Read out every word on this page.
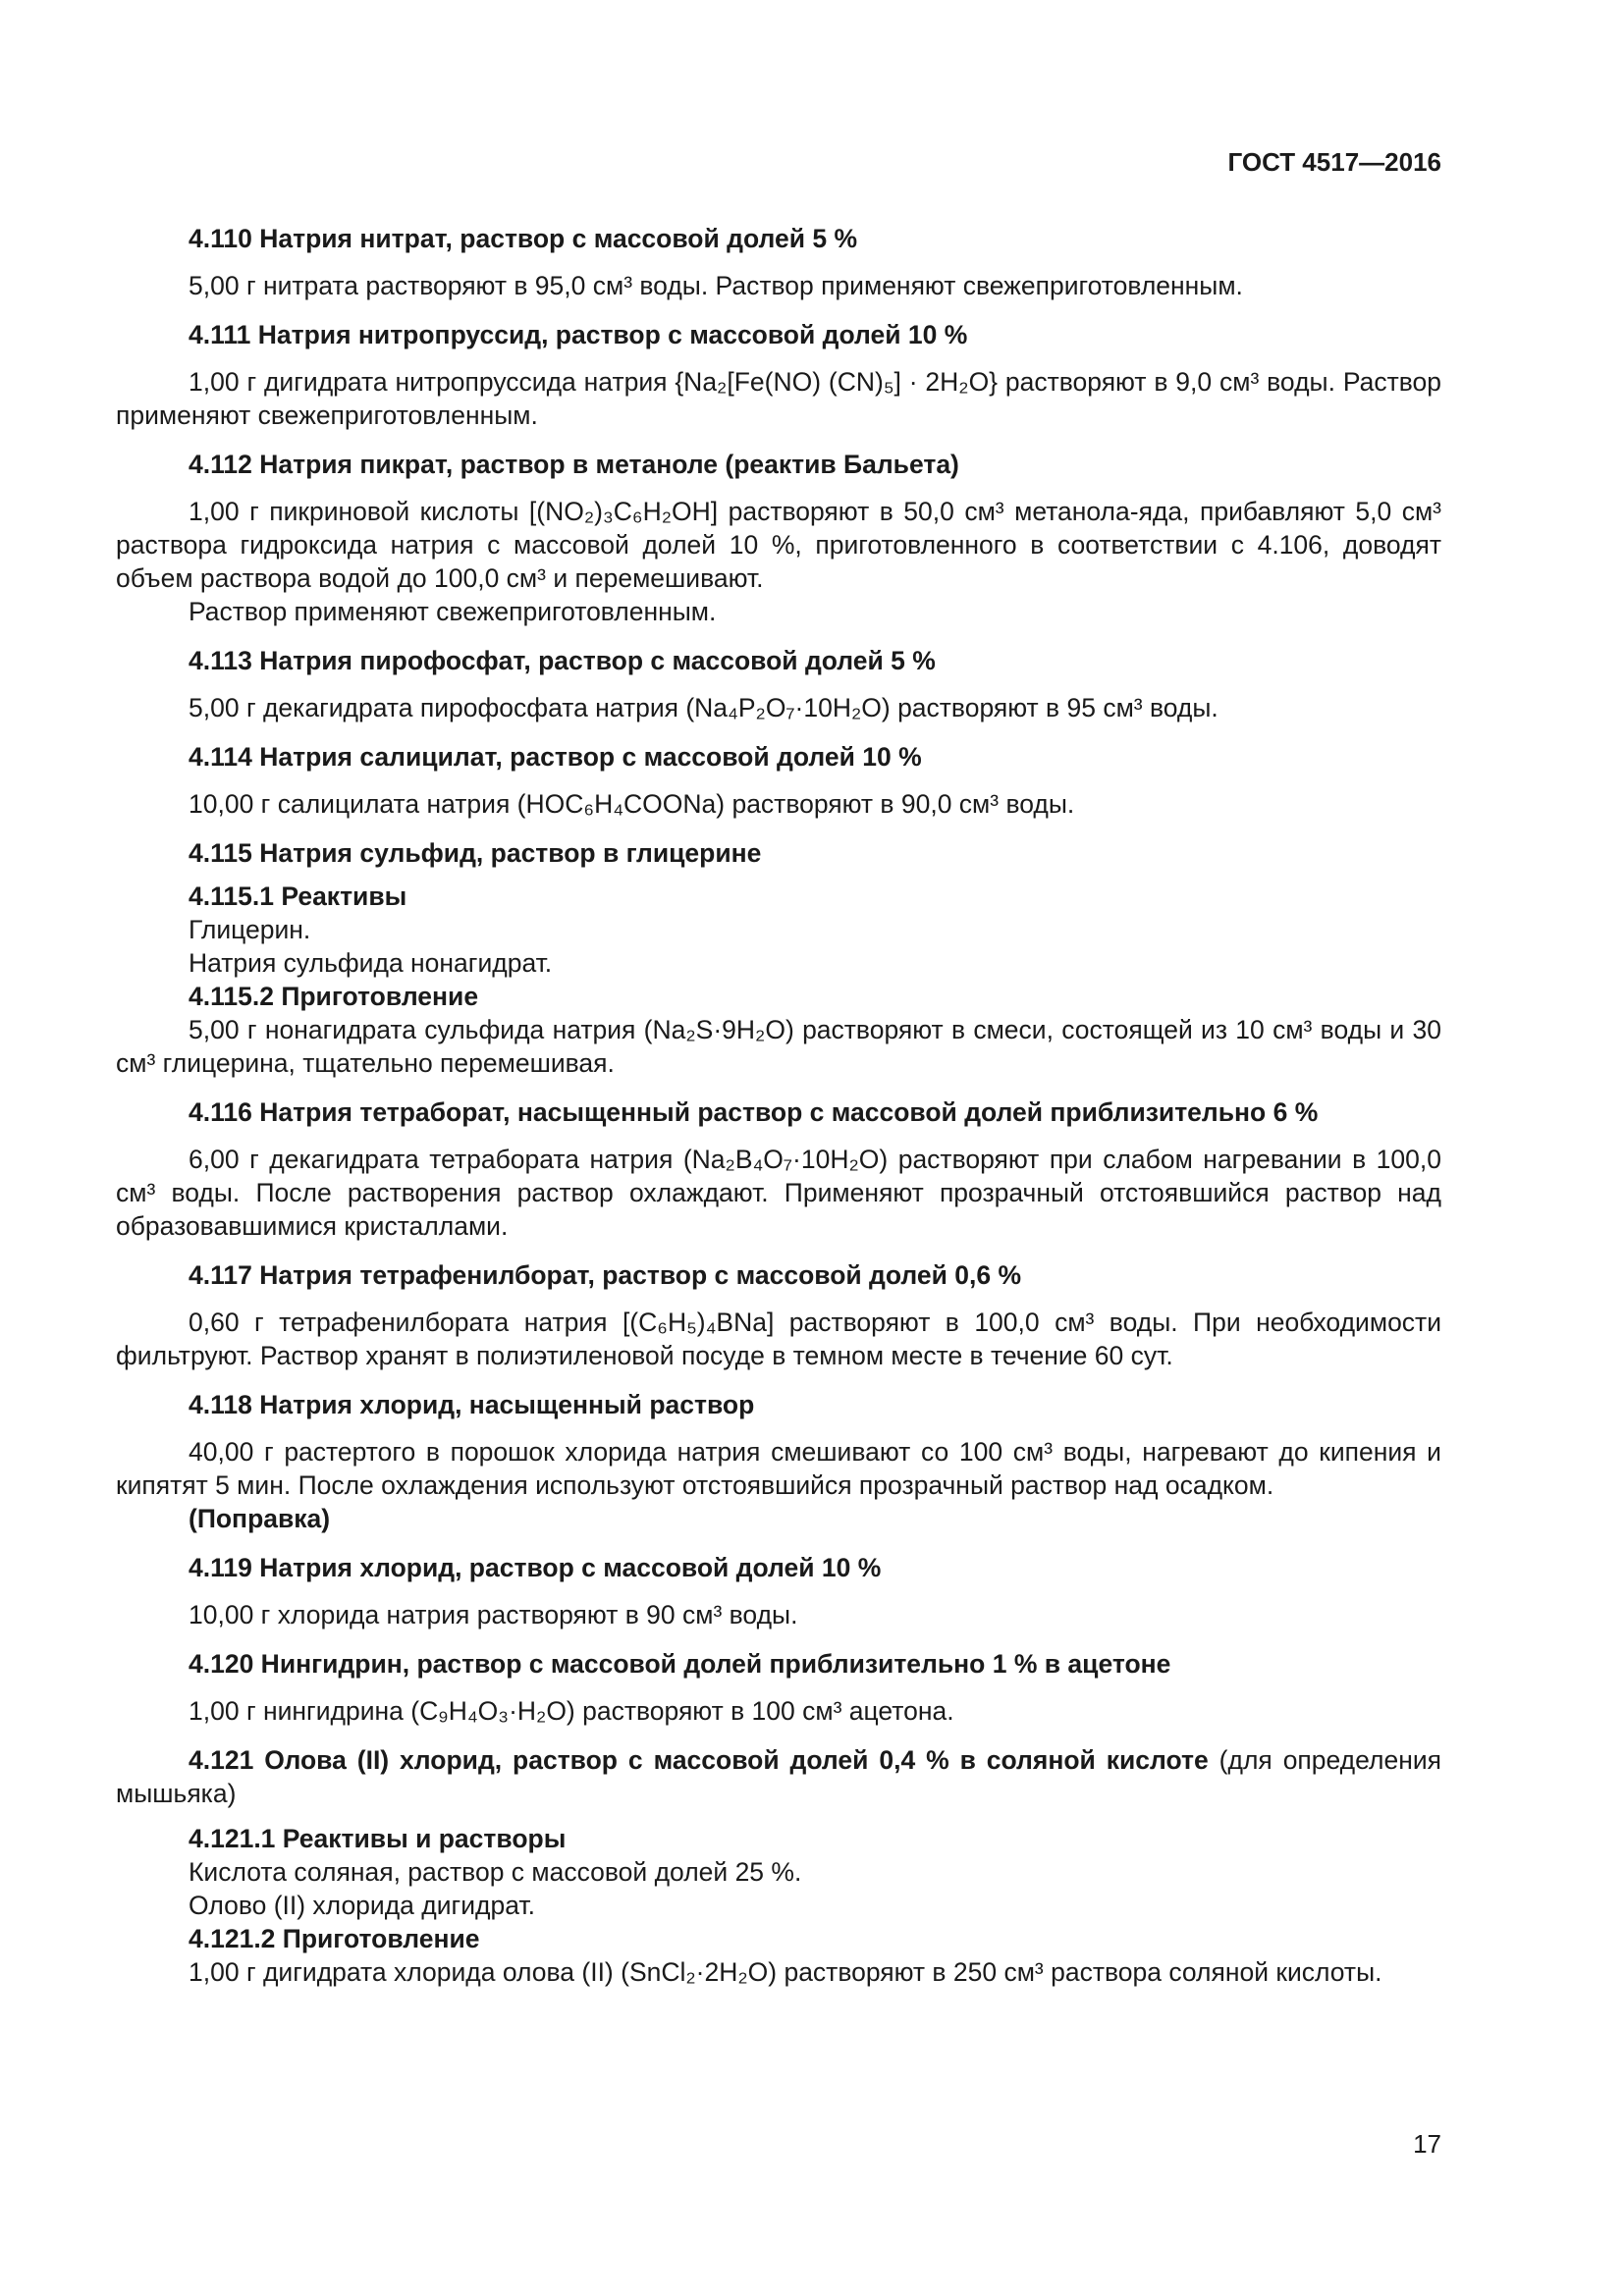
ГОСТ 4517—2016
4.110 Натрия нитрат, раствор с массовой долей 5 %
5,00 г нитрата растворяют в 95,0 см³ воды. Раствор применяют свежеприготовленным.
4.111 Натрия нитропруссид, раствор с массовой долей 10 %
1,00 г дигидрата нитропруссида натрия {Na₂[Fe(NO) (CN)₅] · 2H₂O} растворяют в 9,0 см³ воды. Раствор применяют свежеприготовленным.
4.112 Натрия пикрат, раствор в метаноле (реактив Бальета)
1,00 г пикриновой кислоты [(NO₂)₃C₆H₂OH] растворяют в 50,0 см³ метанола-яда, прибавляют 5,0 см³ раствора гидроксида натрия с массовой долей 10 %, приготовленного в соответствии с 4.106, доводят объем раствора водой до 100,0 см³ и перемешивают.
Раствор применяют свежеприготовленным.
4.113 Натрия пирофосфат, раствор с массовой долей 5 %
5,00 г декагидрата пирофосфата натрия (Na₄P₂O₇·10H₂O) растворяют в 95 см³ воды.
4.114 Натрия салицилат, раствор с массовой долей 10 %
10,00 г салицилата натрия (HOC₆H₄COONa) растворяют в 90,0 см³ воды.
4.115 Натрия сульфид, раствор в глицерине
4.115.1 Реактивы
Глицерин.
Натрия сульфида нонагидрат.
4.115.2 Приготовление
5,00 г нонагидрата сульфида натрия (Na₂S·9H₂O) растворяют в смеси, состоящей из 10 см³ воды и 30 см³ глицерина, тщательно перемешивая.
4.116 Натрия тетраборат, насыщенный раствор с массовой долей приблизительно 6 %
6,00 г декагидрата тетрабората натрия (Na₂B₄O₇·10H₂O) растворяют при слабом нагревании в 100,0 см³ воды. После растворения раствор охлаждают. Применяют прозрачный отстоявшийся раствор над образовавшимися кристаллами.
4.117 Натрия тетрафенилборат, раствор с массовой долей 0,6 %
0,60 г тетрафенилбората натрия [(C₆H₅)₄BNa] растворяют в 100,0 см³ воды. При необходимости фильтруют. Раствор хранят в полиэтиленовой посуде в темном месте в течение 60 сут.
4.118 Натрия хлорид, насыщенный раствор
40,00 г растертого в порошок хлорида натрия смешивают со 100 см³ воды, нагревают до кипения и кипятят 5 мин. После охлаждения используют отстоявшийся прозрачный раствор над осадком.
(Поправка)
4.119 Натрия хлорид, раствор с массовой долей 10 %
10,00 г хлорида натрия растворяют в 90 см³ воды.
4.120 Нингидрин, раствор с массовой долей приблизительно 1 % в ацетоне
1,00 г нингидрина (C₉H₄O₃·H₂O) растворяют в 100 см³ ацетона.
4.121 Олова (II) хлорид, раствор с массовой долей 0,4 % в соляной кислоте (для определения мышьяка)
4.121.1 Реактивы и растворы
Кислота соляная, раствор с массовой долей 25 %.
Олово (II) хлорида дигидрат.
4.121.2 Приготовление
1,00 г дигидрата хлорида олова (II) (SnCl₂·2H₂O) растворяют в 250 см³ раствора соляной кислоты.
17
